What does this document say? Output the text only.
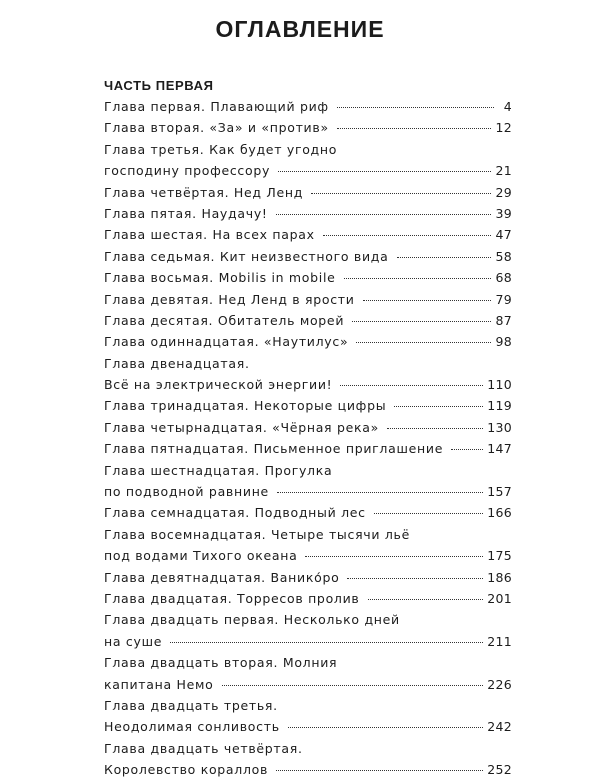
ОГЛАВЛЕНИЕ
ЧАСТЬ ПЕРВАЯ
Глава первая. Плавающий риф	4
Глава вторая. «За» и «против»	12
Глава третья. Как будет угодно
господину профессору	21
Глава четвёртая. Нед Ленд	29
Глава пятая. Наудачу!	39
Глава шестая. На всех парах	47
Глава седьмая. Кит неизвестного вида	58
Глава восьмая. Mobilis in mobile	68
Глава девятая. Нед Ленд в ярости	79
Глава десятая. Обитатель морей	87
Глава одиннадцатая. «Наутилус»	98
Глава двенадцатая.
Всё на электрической энергии!	110
Глава тринадцатая. Некоторые цифры	119
Глава четырнадцатая. «Чёрная река»	130
Глава пятнадцатая. Письменное приглашение	147
Глава шестнадцатая. Прогулка
по подводной равнине	157
Глава семнадцатая. Подводный лес	166
Глава восемнадцатая. Четыре тысячи льё
под водами Тихого океана	175
Глава девятнадцатая. Ванико́ро	186
Глава двадцатая. Торресов пролив	201
Глава двадцать первая. Несколько дней
на суше	211
Глава двадцать вторая. Молния
капитана Немо	226
Глава двадцать третья.
Неодолимая сонливость	242
Глава двадцать четвёртая.
Королевство кораллов	252
